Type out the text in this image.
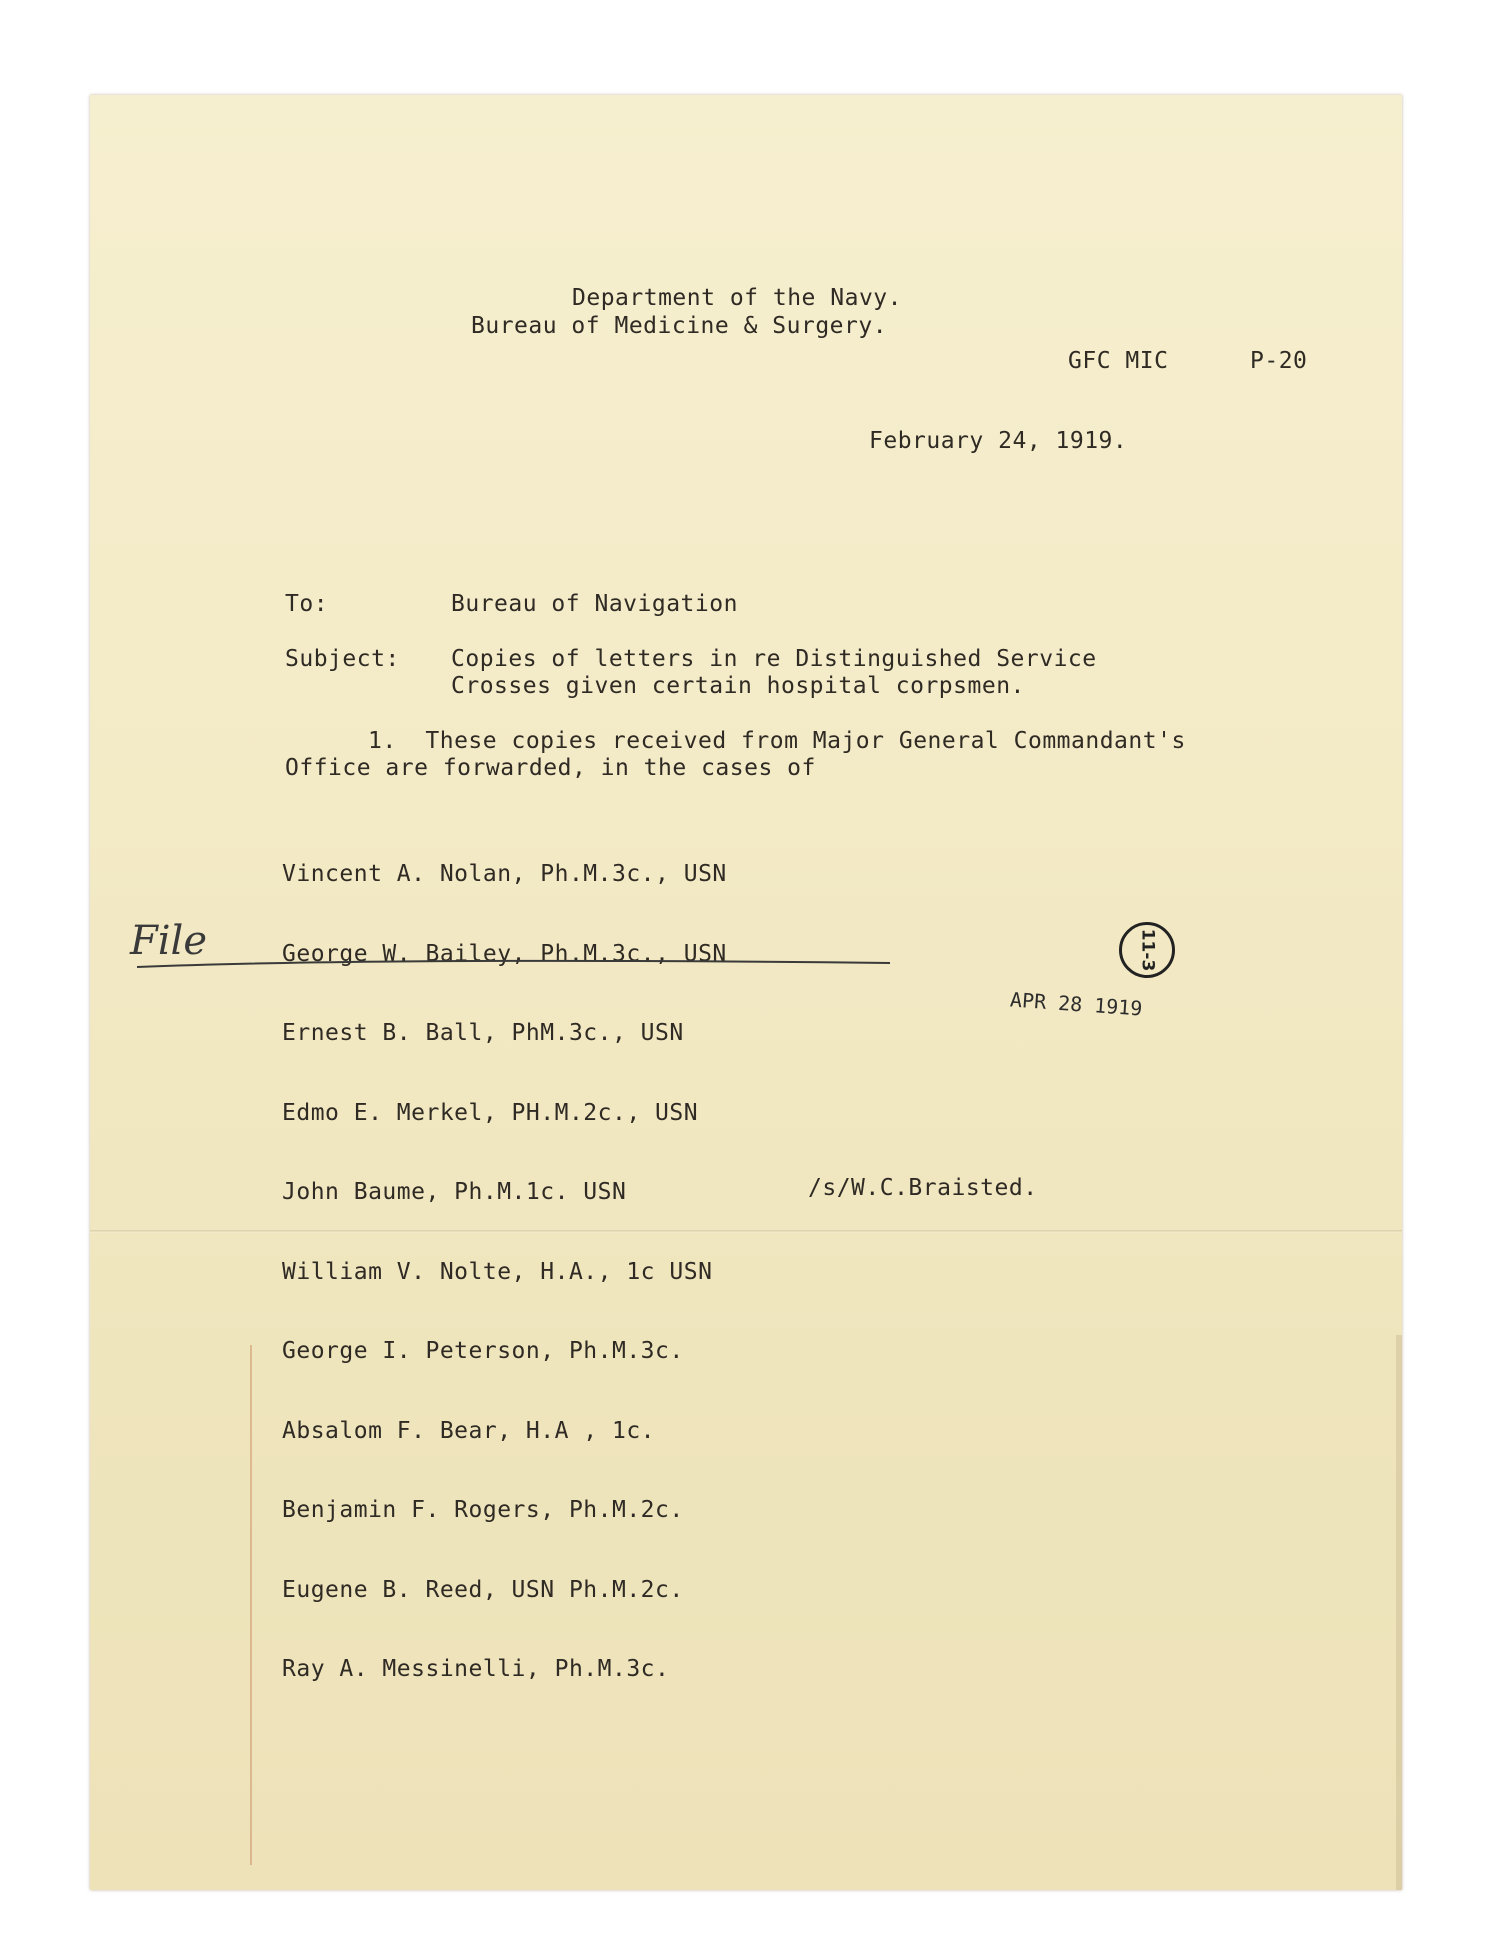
Department of the Navy.
Bureau of Medicine & Surgery.
GFC MIC	P-20
February 24, 1919.
To:	Bureau of Navigation
Subject: Copies of letters in re Distinguished Service
Crosses given certain hospital corpsmen.
1.  These copies received from Major General Commandant's
Office are forwarded, in the cases of

Vincent A. Nolan, Ph.M.3c., USN

George W. Bailey, Ph.M.3c., USN

Ernest B. Ball, PhM.3c., USN

Edmo E. Merkel, PH.M.2c., USN

John Baume, Ph.M.1c. USN

William V. Nolte, H.A., 1c USN

George I. Peterson, Ph.M.3c.

Absalom F. Bear, H.A , 1c.

Benjamin F. Rogers, Ph.M.2c.

Eugene B. Reed, USN Ph.M.2c.

Ray A. Messinelli, Ph.M.3c.

File	11-3
APR 28 1919
/s/W.C.Braisted.
